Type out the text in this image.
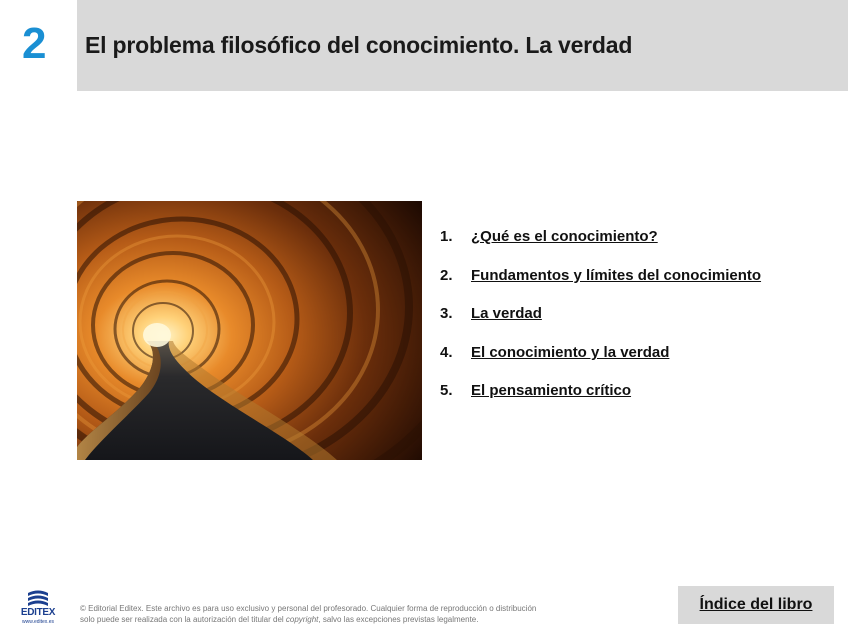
2 El problema filosófico del conocimiento. La verdad
1.	¿Qué es el conocimiento?
2.	Fundamentos y límites del conocimiento
3.	La verdad
4.	El conocimiento y la verdad
5.	El pensamiento crítico
EDITEX
www.editex.es
© Editorial Editex. Este archivo es para uso exclusivo y personal del profesorado. Cualquier forma de reproducción o distribución
solo puede ser realizada con la autorización del titular del copyright, salvo las excepciones previstas legalmente.
Índice del libro
